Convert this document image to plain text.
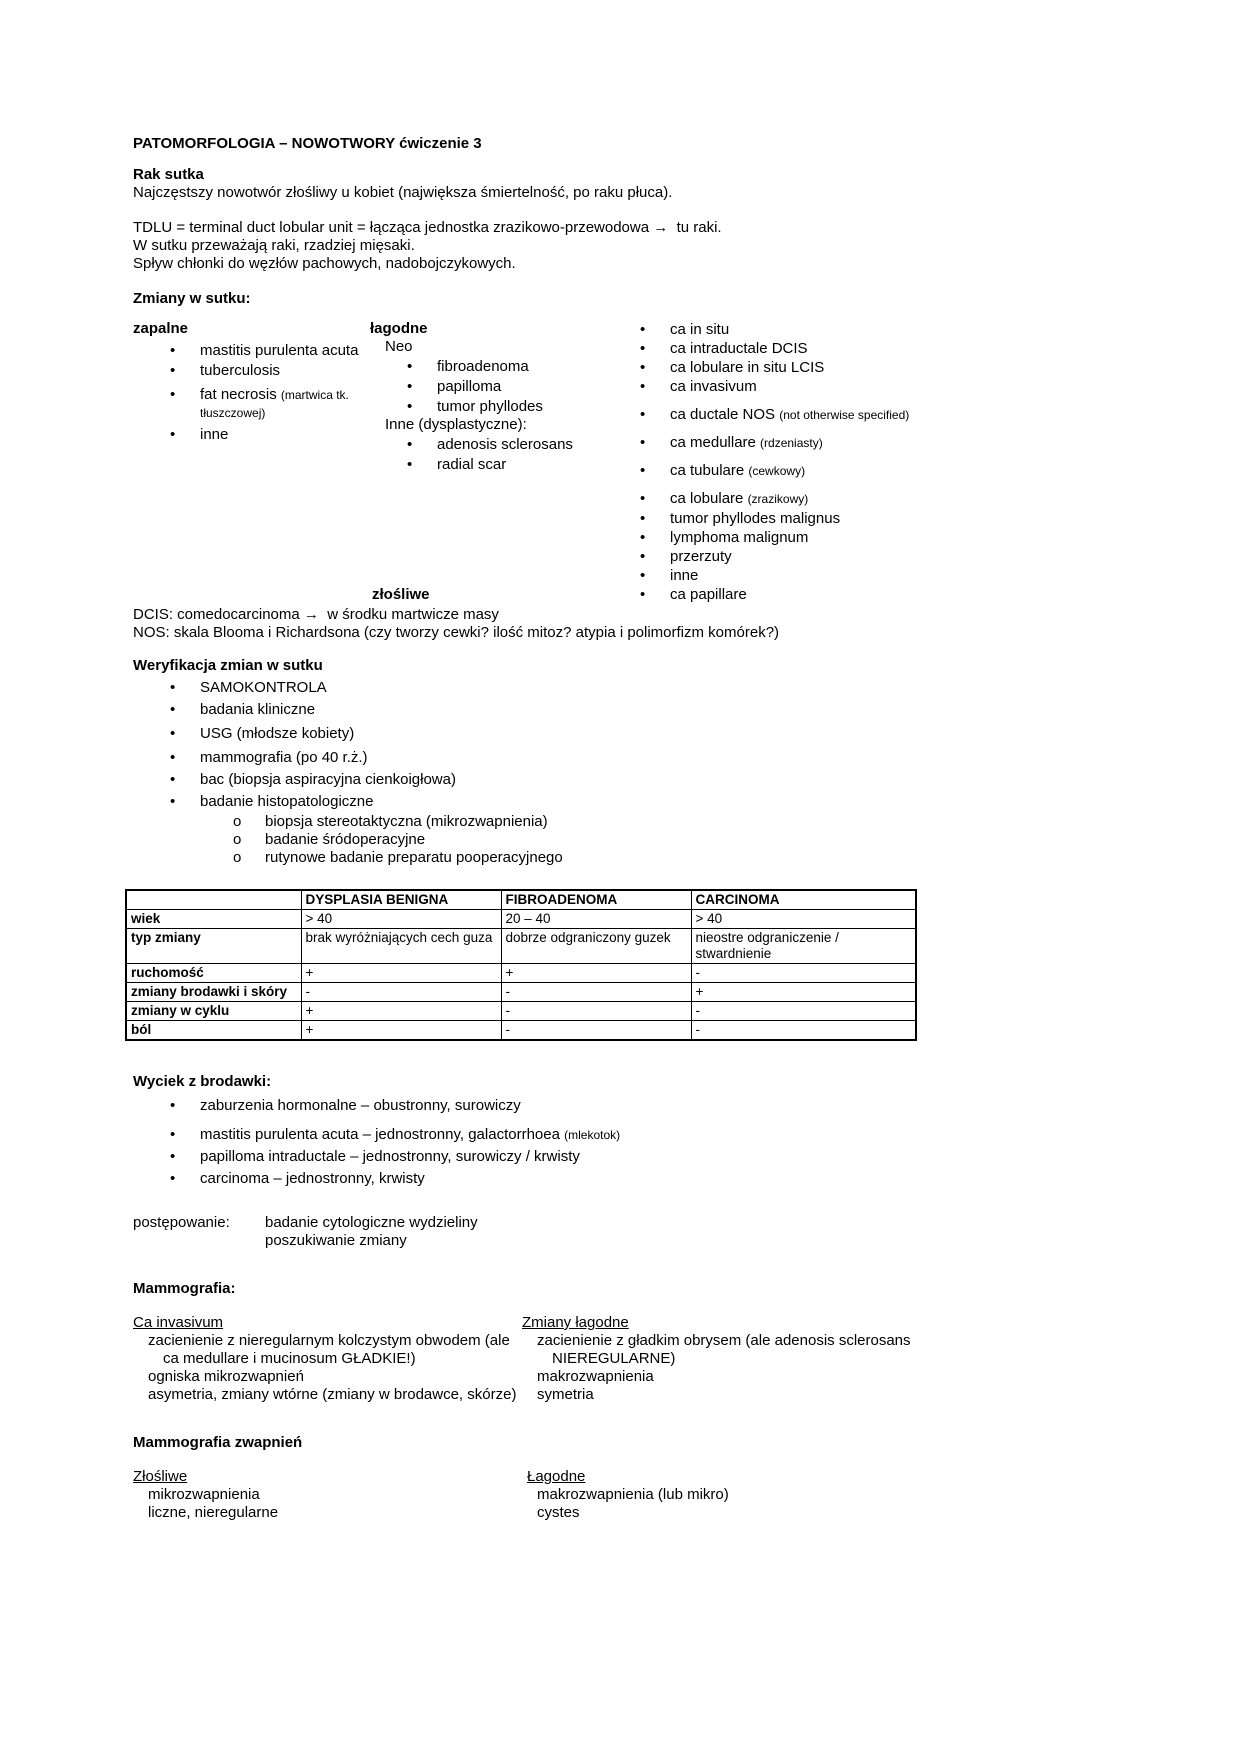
PATOMORFOLOGIA – NOWOTWORY ćwiczenie 3
Rak sutka
Najczęstszy nowotwór złośliwy u kobiet (największa śmiertelność, po raku płuca).
TDLU = terminal duct lobular unit = łącząca jednostka zrazikowo-przewodowa →  tu raki.
W sutku przeważają raki, rzadziej mięsaki.
Spływ chłonki do węzłów pachowych, nadobojczykowych.
Zmiany w sutku:
zapalne
•	mastitis purulenta acuta
•	tuberculosis
•	fat necrosis (martwica tk. tłuszczowej)
•	inne
łagodne
Neo
•	fibroadenoma
•	papilloma
•	tumor phyllodes
Inne (dysplastyczne):
•	adenosis sclerosans
•	radial scar
złośliwe
•	ca in situ
•	ca intraductale DCIS
•	ca lobulare in situ LCIS
•	ca invasivum
•	ca ductale NOS (not otherwise specified)
•	ca medullare (rdzeniasty)
•	ca tubulare (cewkowy)
•	ca lobulare (zrazikowy)
•	tumor phyllodes malignus
•	lymphoma malignum
•	przerzuty
•	inne
•	ca papillare
DCIS: comedocarcinoma →  w środku martwicze masy
NOS: skala Blooma i Richardsona (czy tworzy cewki? ilość mitoz? atypia i polimorfizm komórek?)
Weryfikacja zmian w sutku
•	SAMOKONTROLA
•	badania kliniczne
•	USG (młodsze kobiety)
•	mammografia (po 40 r.ż.)
•	bac (biopsja aspiracyjna cienkoigłowa)
•	badanie histopatologiczne
o	biopsja stereotaktyczna (mikrozwapnienia)
o	badanie śródoperacyjne
o	rutynowe badanie preparatu pooperacyjnego
	DYSPLASIA BENIGNA	FIBROADENOMA	CARCINOMA
wiek	> 40	20 – 40	> 40
typ zmiany	brak wyróżniających cech guza	dobrze odgraniczony guzek	nieostre odgraniczenie / stwardnienie
ruchomość	+	+	-
zmiany brodawki i skóry	-	-	+
zmiany w cyklu	+	-	-
ból	+	-	-
Wyciek z brodawki:
•	zaburzenia hormonalne – obustronny, surowiczy
•	mastitis purulenta acuta – jednostronny, galactorrhoea (mlekotok)
•	papilloma intraductale – jednostronny, surowiczy / krwisty
•	carcinoma – jednostronny, krwisty
postępowanie:	badanie cytologiczne wydzieliny
poszukiwanie zmiany
Mammografia:
Ca invasivum
zacienienie z nieregularnym kolczystym obwodem (ale
ca medullare i mucinosum GŁADKIE!)
ogniska mikrozwapnień
asymetria, zmiany wtórne (zmiany w brodawce, skórze)
Zmiany łagodne
zacienienie z gładkim obrysem (ale adenosis sclerosans
NIEREGULARNE)
makrozwapnienia
symetria
Mammografia zwapnień
Złośliwe
mikrozwapnienia
liczne, nieregularne
Łagodne
makrozwapnienia (lub mikro)
cystes
